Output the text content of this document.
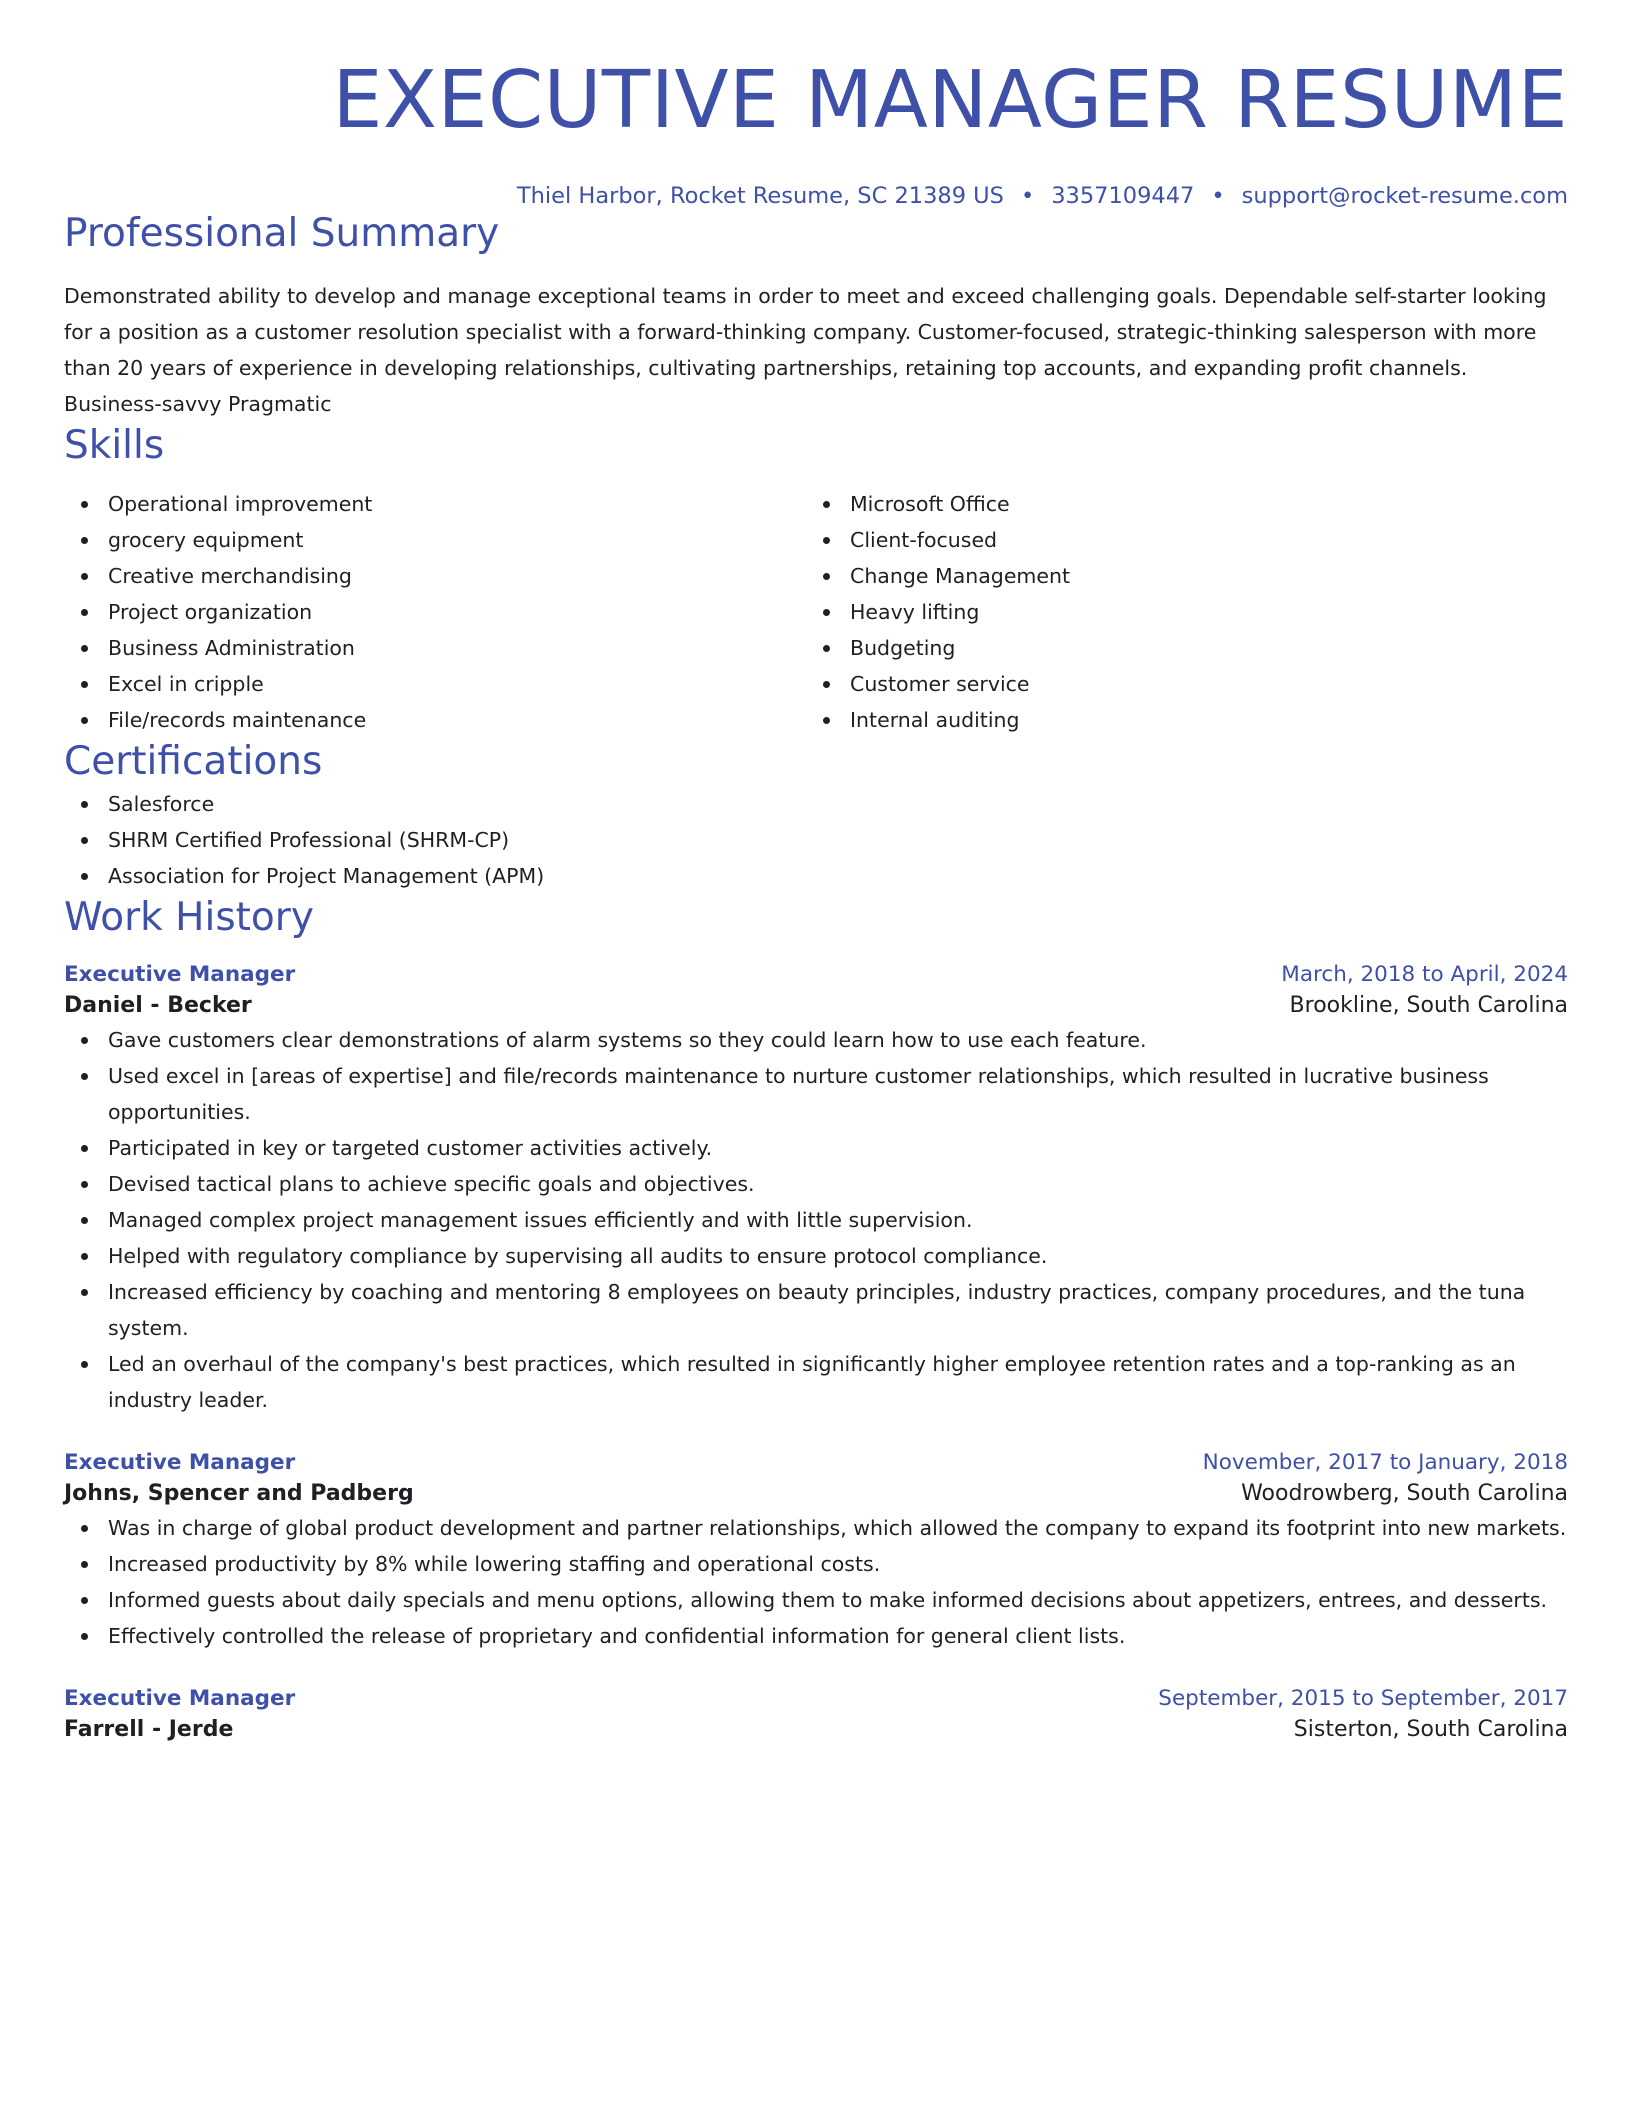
EXECUTIVE MANAGER RESUME
Thiel Harbor, Rocket Resume, SC 21389 US • 3357109447 • support@rocket-resume.com
Professional Summary

Demonstrated ability to develop and manage exceptional teams in order to meet and exceed challenging goals. Dependable self-starter looking for a position as a customer resolution specialist with a forward-thinking company. Customer-focused, strategic-thinking salesperson with more than 20 years of experience in developing relationships, cultivating partnerships, retaining top accounts, and expanding profit channels. Business-savvy Pragmatic

Skills
Operational improvement
grocery equipment
Creative merchandising
Project organization
Business Administration
Excel in cripple
File/records maintenance
Microsoft Office
Client-focused
Change Management
Heavy lifting
Budgeting
Customer service
Internal auditing
Certifications
Salesforce
SHRM Certified Professional (SHRM-CP)
Association for Project Management (APM)
Work History
Executive Manager	March, 2018 to April, 2024
Daniel - Becker	Brookline, South Carolina
Gave customers clear demonstrations of alarm systems so they could learn how to use each feature.
Used excel in [areas of expertise] and file/records maintenance to nurture customer relationships, which resulted in lucrative business opportunities.
Participated in key or targeted customer activities actively.
Devised tactical plans to achieve specific goals and objectives.
Managed complex project management issues efficiently and with little supervision.
Helped with regulatory compliance by supervising all audits to ensure protocol compliance.
Increased efficiency by coaching and mentoring 8 employees on beauty principles, industry practices, company procedures, and the tuna system.
Led an overhaul of the company's best practices, which resulted in significantly higher employee retention rates and a top-ranking as an industry leader.
Executive Manager	November, 2017 to January, 2018
Johns, Spencer and Padberg	Woodrowberg, South Carolina
Was in charge of global product development and partner relationships, which allowed the company to expand its footprint into new markets.
Increased productivity by 8% while lowering staffing and operational costs.
Informed guests about daily specials and menu options, allowing them to make informed decisions about appetizers, entrees, and desserts.
Effectively controlled the release of proprietary and confidential information for general client lists.
Executive Manager	September, 2015 to September, 2017
Farrell - Jerde	Sisterton, South Carolina
